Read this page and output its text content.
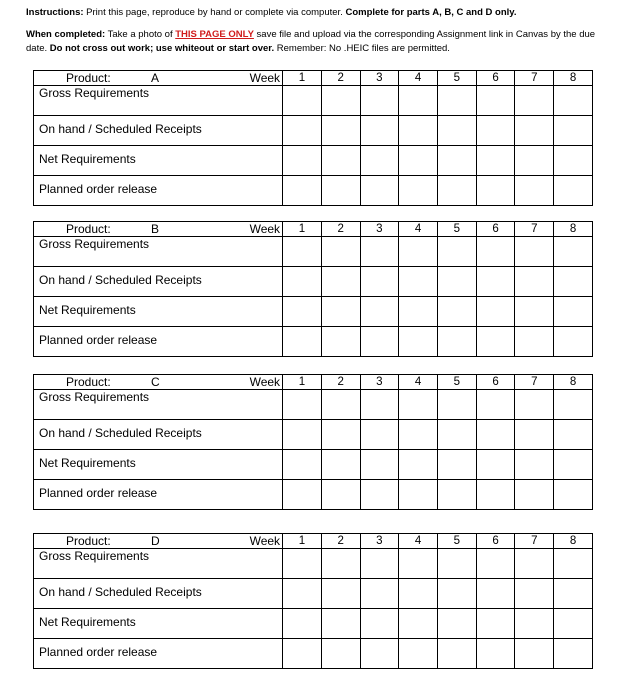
Instructions: Print this page, reproduce by hand or complete via computer. Complete for parts A, B, C and D only.
When completed: Take a photo of THIS PAGE ONLY save file and upload via the corresponding Assignment link in Canvas by the due date. Do not cross out work; use whiteout or start over. Remember: No .HEIC files are permitted.
Product: A Week	1	2	3	4	5	6	7	8

Gross Requirements								

On hand / Scheduled Receipts								

Net Requirements								

Planned order release								

Product: B Week	1	2	3	4	5	6	7	8

Gross Requirements								

On hand / Scheduled Receipts								

Net Requirements								

Planned order release								

Product: C Week	1	2	3	4	5	6	7	8

Gross Requirements								

On hand / Scheduled Receipts								

Net Requirements								

Planned order release								

Product: D Week	1	2	3	4	5	6	7	8

Gross Requirements								

On hand / Scheduled Receipts								

Net Requirements								

Planned order release								
